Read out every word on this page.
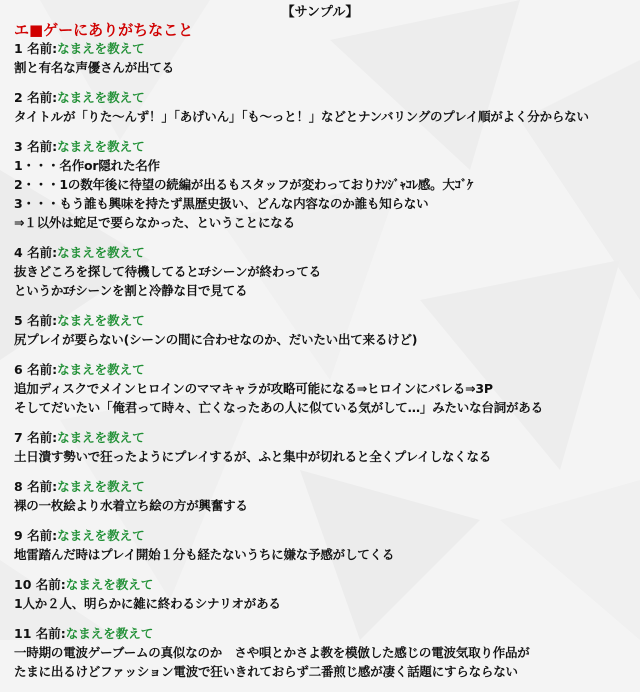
【サンプル】
エ■ゲーにありがちなこと
1 名前:なまえを教えて
割と有名な声優さんが出てる
2 名前:なまえを教えて
タイトルが「りた～んず！」「あげいん」「も～っと！」などとナンバリングのプレイ順がよく分からない
3 名前:なまえを教えて
1・・・名作or隠れた名作
2・・・1の数年後に待望の続編が出るもスタッフが変わっておりﾅﾝｼﾞｬｺﾚ感。大ｺﾞｹ
3・・・もう誰も興味を持たず黒歴史扱い、どんな内容なのか誰も知らない
⇒１以外は蛇足で要らなかった、ということになる
4 名前:なまえを教えて
抜きどころを探して待機してるとｴﾁシーンが終わってる
というかｴﾁシーンを割と冷静な目で見てる
5 名前:なまえを教えて
尻プレイが要らない(シーンの間に合わせなのか、だいたい出て来るけど)
6 名前:なまえを教えて
追加ディスクでメインヒロインのママキャラが攻略可能になる⇒ヒロインにバレる⇒3P
そしてだいたい「俺君って時々、亡くなったあの人に似ている気がして…」みたいな台詞がある
7 名前:なまえを教えて
土日潰す勢いで狂ったようにプレイするが、ふと集中が切れると全くプレイしなくなる
8 名前:なまえを教えて
裸の一枚絵より水着立ち絵の方が興奮する
9 名前:なまえを教えて
地雷踏んだ時はプレイ開始１分も経たないうちに嫌な予感がしてくる
10 名前:なまえを教えて
1人か２人、明らかに雑に終わるシナリオがある
11 名前:なまえを教えて
一時期の電波ゲーブームの真似なのか　さや唄とかさよ教を模倣した感じの電波気取り作品が
たまに出るけどファッション電波で狂いきれておらず二番煎じ感が凄く話題にすらならない
